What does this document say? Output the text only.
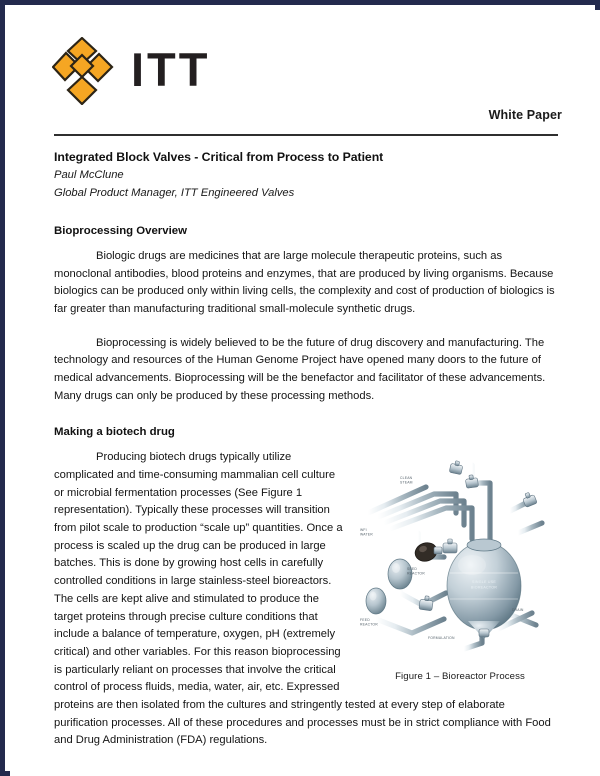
ITT
White Paper
Integrated Block Valves - Critical from Process to Patient
Paul McClune
Global Product Manager, ITT Engineered Valves
Bioprocessing Overview

Biologic drugs are medicines that are large molecule therapeutic proteins, such as monoclonal antibodies, blood proteins and enzymes, that are produced by living organisms. Because biologics can be produced only within living cells, the complexity and cost of production of biologics is far greater than manufacturing traditional small-molecule synthetic drugs.

Bioprocessing is widely believed to be the future of drug discovery and manufacturing. The technology and resources of the Human Genome Project have opened many doors to the future of medical advancements. Bioprocessing will be the benefactor and facilitator of these advancements. Many drugs can only be produced by these processing methods.

Making a biotech drug
CLEAN
STEAM
WFI
WATER
SEED
REACTOR
FEED
REACTOR
DRAIN
FORMULATION
SINGLE USE
BIOREACTOR
Figure 1 – Bioreactor Process

Producing biotech drugs typically utilize complicated and time-consuming mammalian cell culture or microbial fermentation processes (See Figure 1 representation). Typically these processes will transition from pilot scale to production “scale up” quantities. Once a process is scaled up the drug can be produced in large batches. This is done by growing host cells in carefully controlled conditions in large stainless-steel bioreactors. The cells are kept alive and stimulated to produce the target proteins through precise culture conditions that include a balance of temperature, oxygen, pH (extremely critical) and other variables. For this reason bioprocessing is particularly reliant on processes that involve the critical control of process fluids, media, water, air, etc. Expressed proteins are then isolated from the cultures and stringently tested at every step of elaborate purification processes. All of these procedures and processes must be in strict compliance with Food and Drug Administration (FDA) regulations.
